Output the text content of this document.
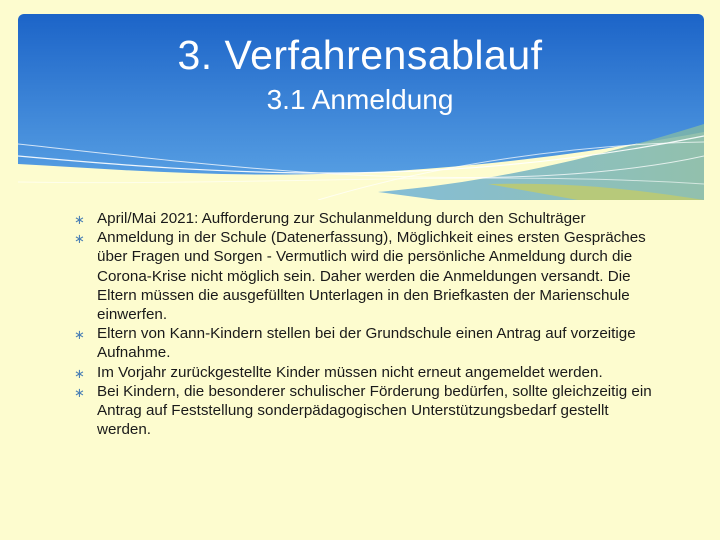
3. Verfahrensablauf
3.1 Anmeldung
∗ April/Mai 2021: Aufforderung zur Schulanmeldung durch den Schulträger
∗ Anmeldung in der Schule (Datenerfassung), Möglichkeit eines ersten Gespräches über Fragen und Sorgen - Vermutlich wird die persönliche Anmeldung durch die Corona-Krise nicht möglich sein. Daher werden die Anmeldungen versandt. Die Eltern müssen die ausgefüllten Unterlagen in den Briefkasten der Marienschule einwerfen.
∗ Eltern von Kann-Kindern stellen bei der Grundschule einen Antrag auf vorzeitige Aufnahme.
∗ Im Vorjahr zurückgestellte Kinder müssen nicht erneut angemeldet werden.
∗ Bei Kindern, die besonderer schulischer Förderung bedürfen, sollte gleichzeitig ein Antrag auf Feststellung sonderpädagogischen Unterstützungsbedarf gestellt werden.
